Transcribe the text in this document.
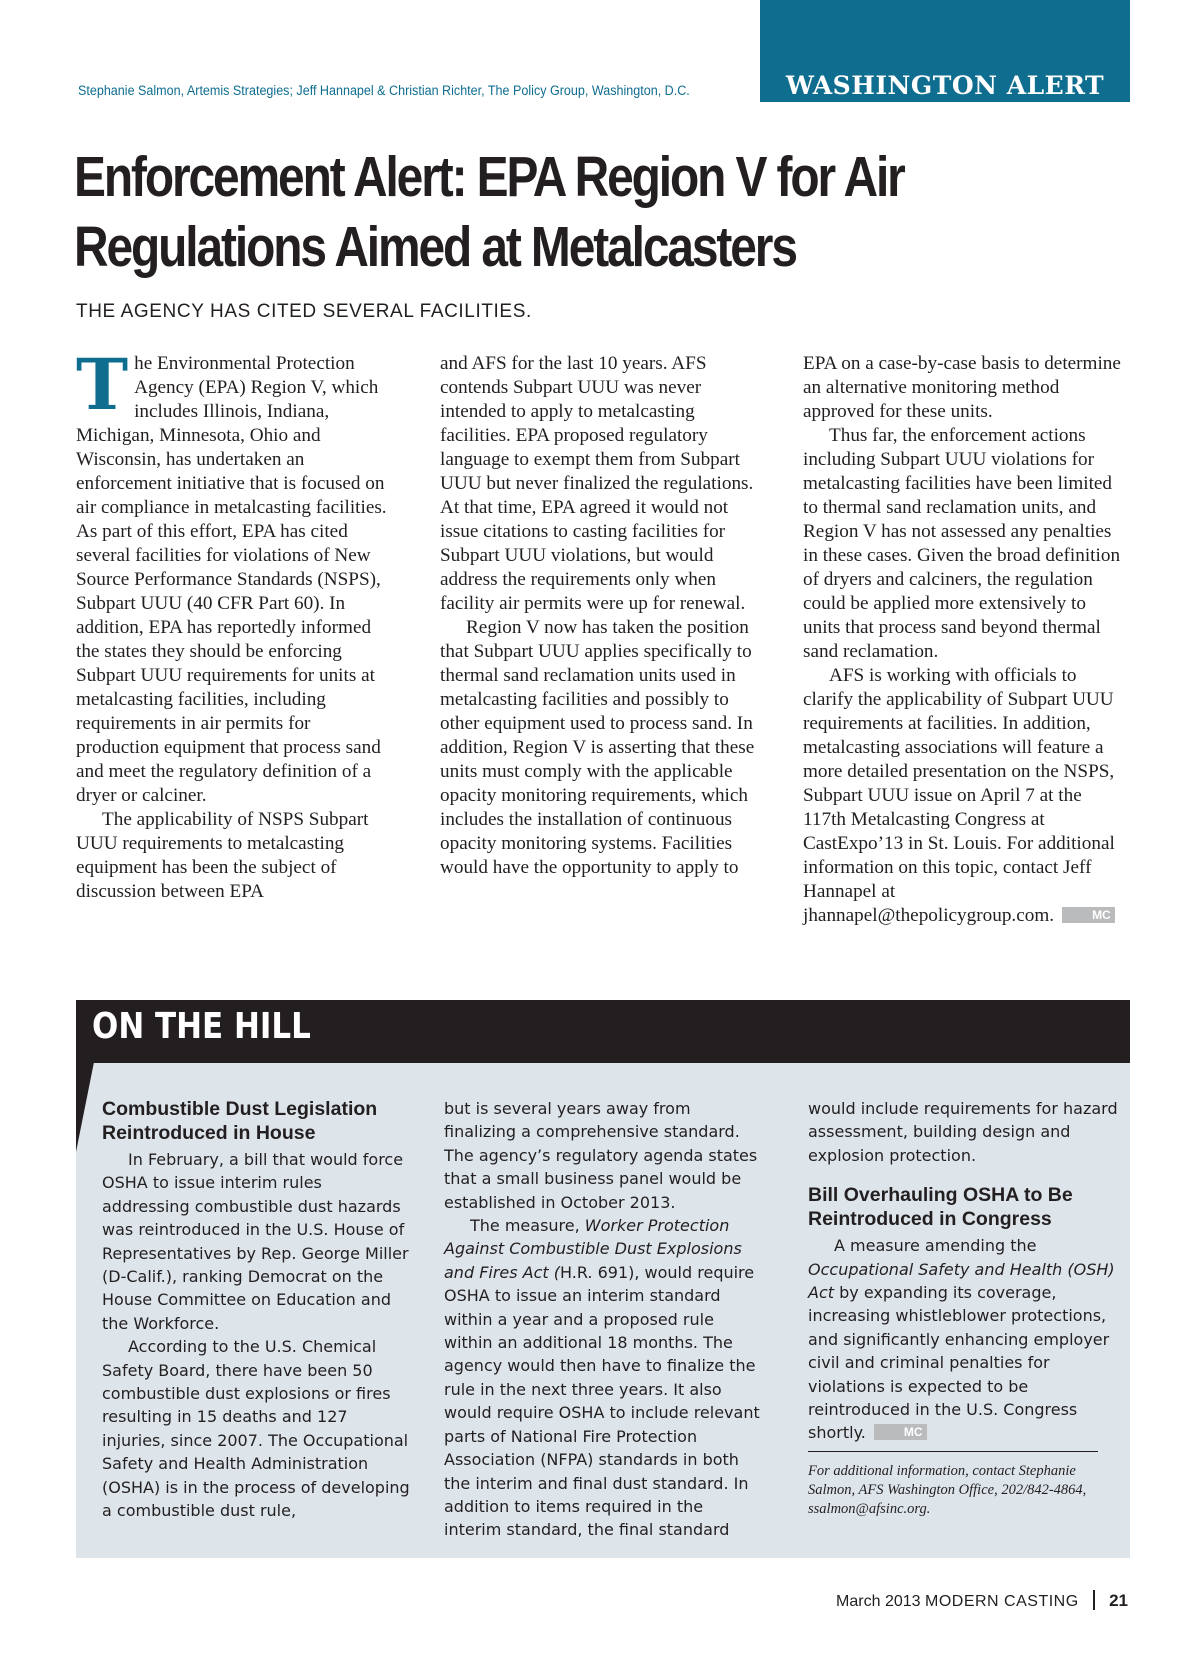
WASHINGTON ALERT
Stephanie Salmon, Artemis Strategies; Jeff Hannapel & Christian Richter, The Policy Group, Washington, D.C.
Enforcement Alert: EPA Region V for Air
Regulations Aimed at Metalcasters
THE AGENCY HAS CITED SEVERAL FACILITIES.

The Environmental Protection Agency (EPA) Region V, which includes Illinois, Indiana, Michigan, Minnesota, Ohio and Wisconsin, has undertaken an enforcement initiative that is focused on air compliance in metalcasting facilities. As part of this effort, EPA has cited several facilities for violations of New Source Performance Standards (NSPS), Subpart UUU (40 CFR Part 60). In addition, EPA has reportedly informed the states they should be enforcing Subpart UUU requirements for units at metalcasting facilities, including requirements in air permits for production equipment that process sand and meet the regulatory definition of a dryer or calciner.

The applicability of NSPS Subpart UUU requirements to metalcasting equipment has been the subject of discussion between EPA

and AFS for the last 10 years. AFS contends Subpart UUU was never intended to apply to metalcasting facilities. EPA proposed regulatory language to exempt them from Subpart UUU but never finalized the regulations. At that time, EPA agreed it would not issue citations to casting facilities for Subpart UUU violations, but would address the requirements only when facility air permits were up for renewal.

Region V now has taken the position that Subpart UUU applies specifically to thermal sand reclamation units used in metalcasting facilities and possibly to other equipment used to process sand. In addition, Region V is asserting that these units must comply with the applicable opacity monitoring requirements, which includes the installation of continuous opacity monitoring systems. Facilities would have the opportunity to apply to

EPA on a case-by-case basis to determine an alternative monitoring method approved for these units.

Thus far, the enforcement actions including Subpart UUU violations for metalcasting facilities have been limited to thermal sand reclamation units, and Region V has not assessed any penalties in these cases. Given the broad definition of dryers and calciners, the regulation could be applied more extensively to units that process sand beyond thermal sand reclamation.

AFS is working with officials to clarify the applicability of Subpart UUU requirements at facilities. In addition, metalcasting associations will feature a more detailed presentation on the NSPS, Subpart UUU issue on April 7 at the 117th Metalcasting Congress at CastExpo’13 in St. Louis. For additional information on this topic, contact Jeff Hannapel at jhannapel@thepolicygroup.com.	MC

ON THE HILL
Combustible Dust Legislation Reintroduced in House

In February, a bill that would force OSHA to issue interim rules addressing combustible dust hazards was reintroduced in the U.S. House of Representatives by Rep. George Miller (D-Calif.), ranking Democrat on the House Committee on Education and the Workforce.

According to the U.S. Chemical Safety Board, there have been 50 combustible dust explosions or fires resulting in 15 deaths and 127 injuries, since 2007. The Occupational Safety and Health Administration (OSHA) is in the process of developing a combustible dust rule,

but is several years away from finalizing a comprehensive standard. The agency’s regulatory agenda states that a small business panel would be established in October 2013.

The measure, Worker Protection Against Combustible Dust Explosions and Fires Act (H.R. 691), would require OSHA to issue an interim standard within a year and a proposed rule within an additional 18 months. The agency would then have to finalize the rule in the next three years. It also would require OSHA to include relevant parts of National Fire Protection Association (NFPA) standards in both the interim and final dust standard. In addition to items required in the interim standard, the final standard

would include requirements for hazard assessment, building design and explosion protection.

Bill Overhauling OSHA to Be Reintroduced in Congress

A measure amending the Occupational Safety and Health (OSH) Act by expanding its coverage, increasing whistleblower protections, and significantly enhancing employer civil and criminal penalties for violations is expected to be reintroduced in the U.S. Congress shortly.	MC

For additional information, contact Stephanie Salmon, AFS Washington Office, 202/842-4864, ssalmon@afsinc.org.
March 2013 MODERN CASTING 21
